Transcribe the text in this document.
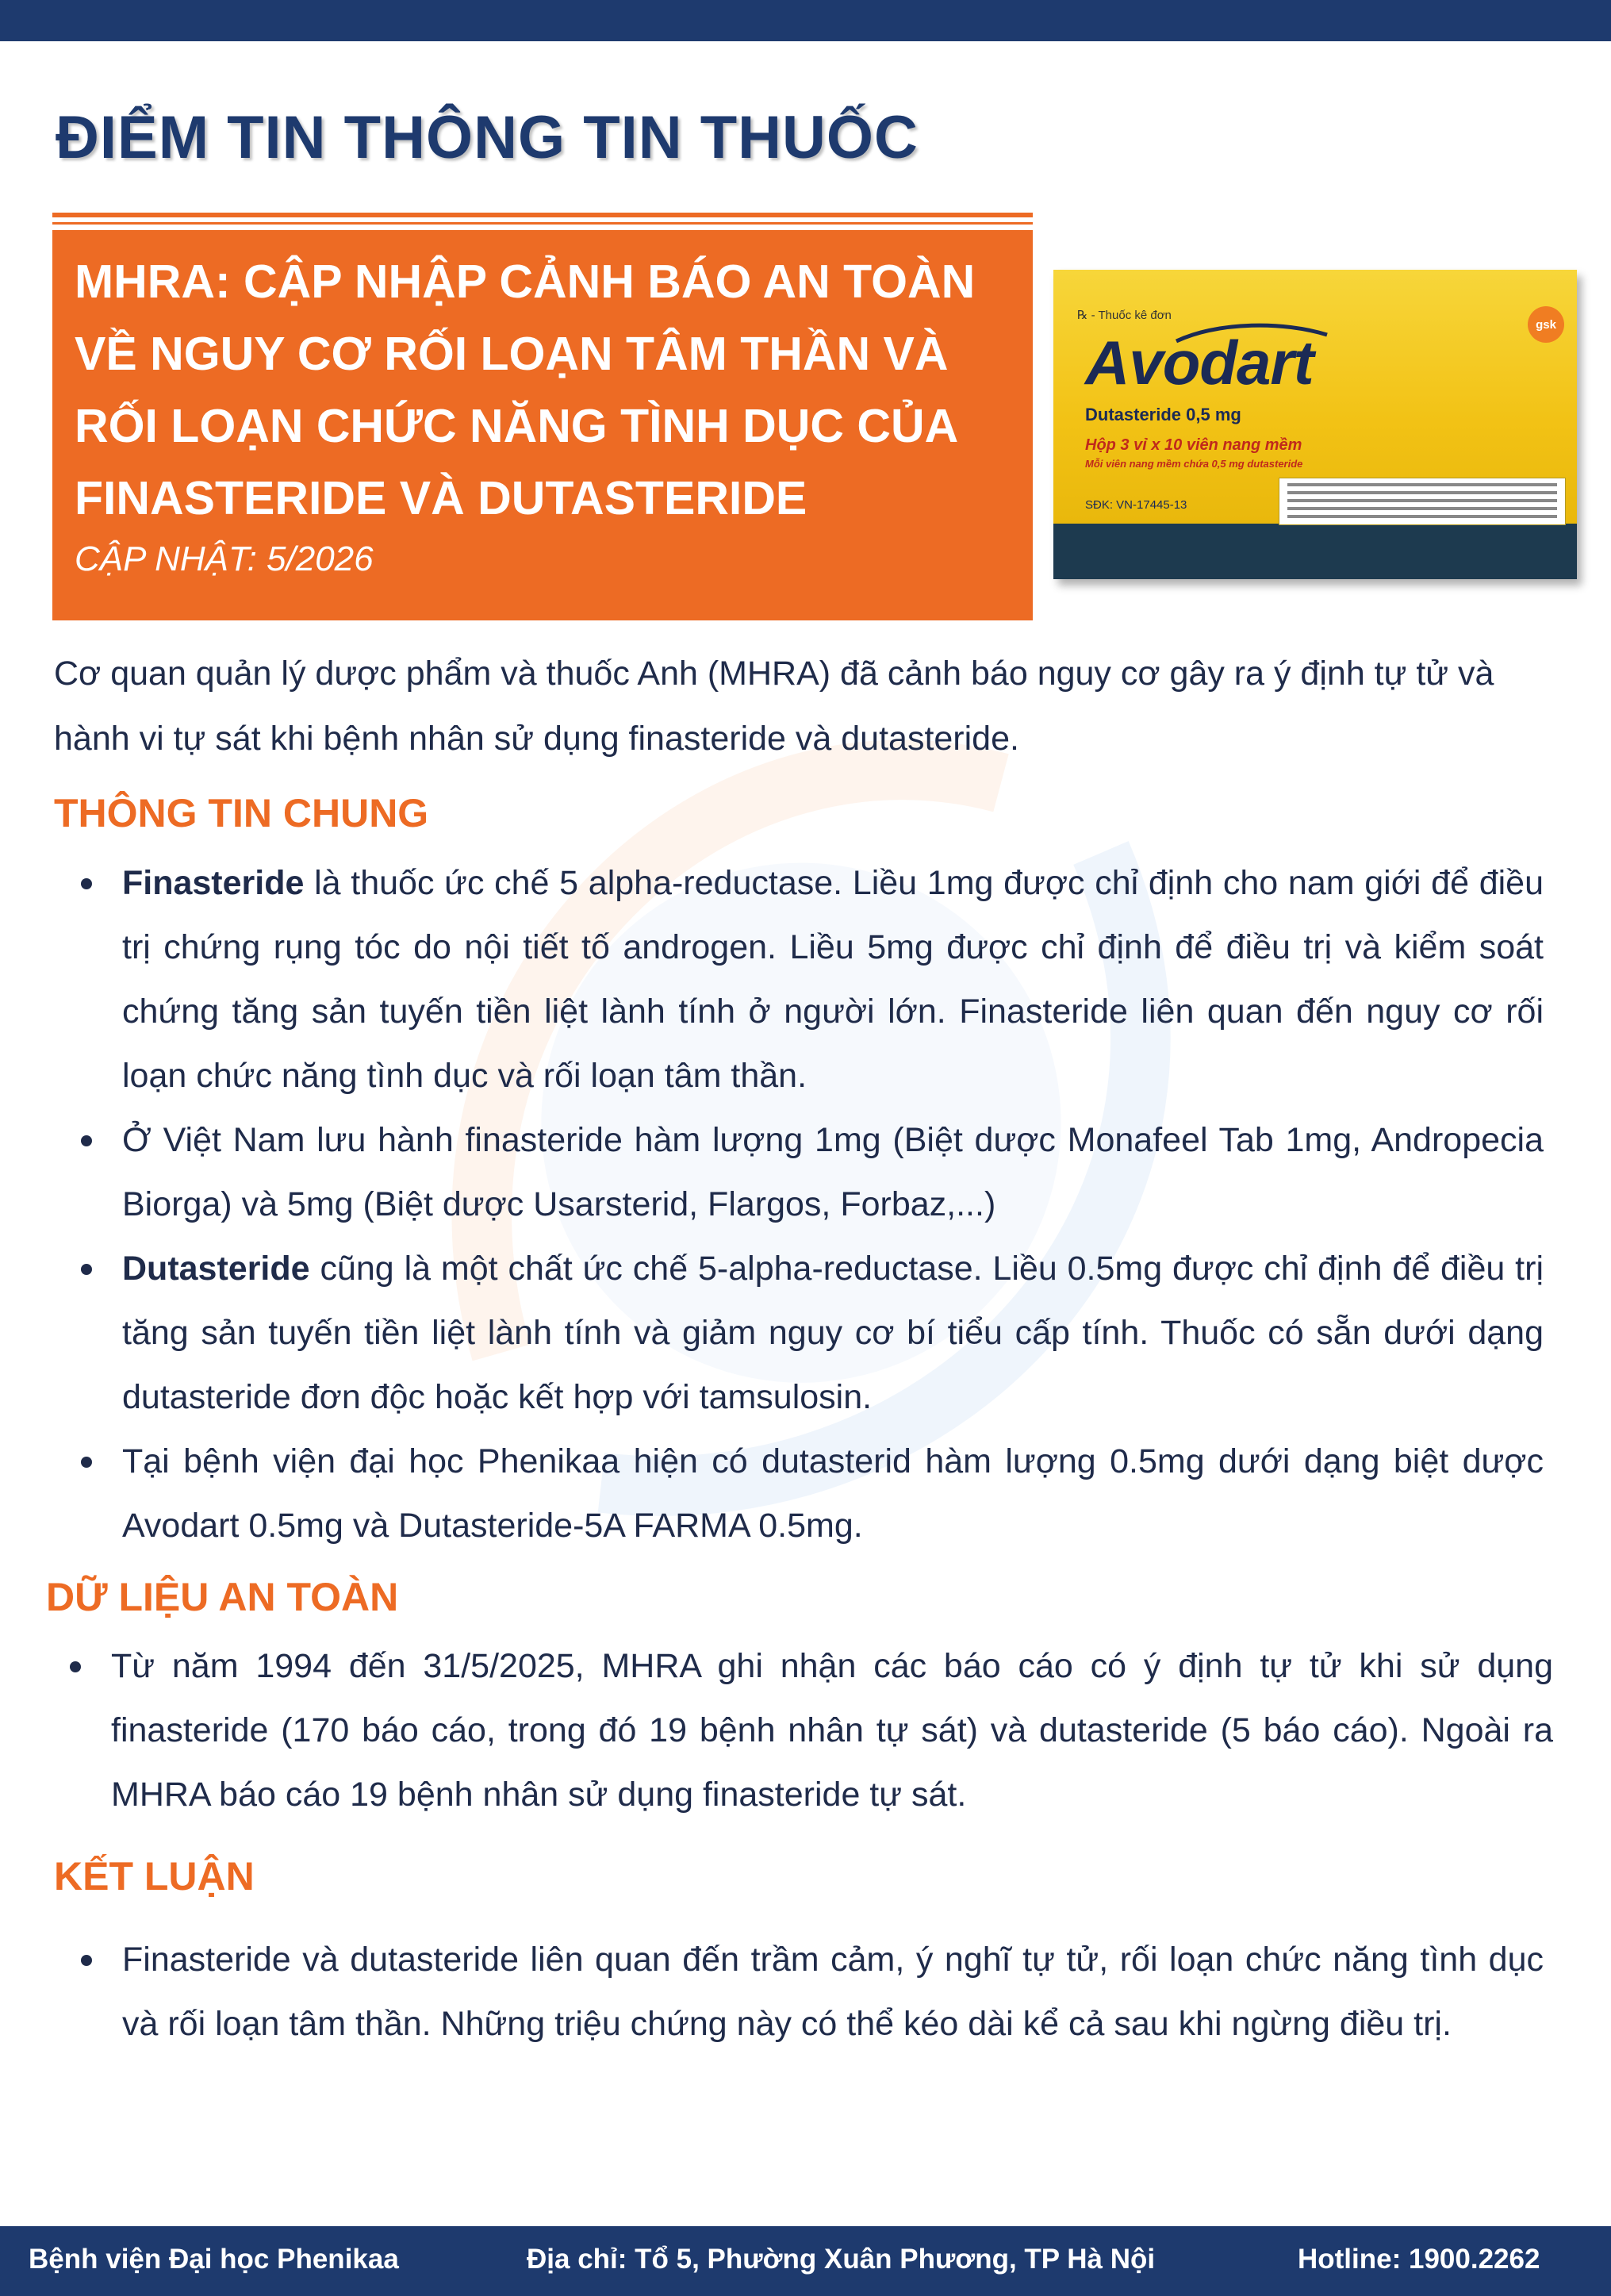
ĐIỂM TIN THÔNG TIN THUỐC

MHRA: CẬP NHẬP CẢNH BÁO AN TOÀN VỀ NGUY CƠ RỐI LOẠN TÂM THẦN VÀ RỐI LOẠN CHỨC NĂNG TÌNH DỤC CỦA FINASTERIDE VÀ DUTASTERIDE

CẬP NHẬT: 5/2026

℞ - Thuốc kê đơn
gsk
Avodart
Dutasteride 0,5 mg
Hộp 3 vỉ x 10 viên nang mềm
Mỗi viên nang mềm chứa 0,5 mg dutasteride
SĐK: VN-17445-13

Cơ quan quản lý dược phẩm và thuốc Anh (MHRA) đã cảnh báo nguy cơ gây ra ý định tự tử và hành vi tự sát khi bệnh nhân sử dụng finasteride và dutasteride.

THÔNG TIN CHUNG
Finasteride là thuốc ức chế 5 alpha-reductase. Liều 1mg được chỉ định cho nam giới để điều trị chứng rụng tóc do nội tiết tố androgen. Liều 5mg được chỉ định để điều trị và kiểm soát chứng tăng sản tuyến tiền liệt lành tính ở người lớn. Finasteride liên quan đến nguy cơ rối loạn chức năng tình dục và rối loạn tâm thần.
Ở Việt Nam lưu hành finasteride hàm lượng 1mg (Biệt dược Monafeel Tab 1mg, Andropecia Biorga) và 5mg (Biệt dược Usarsterid, Flargos, Forbaz,...)
Dutasteride cũng là một chất ức chế 5-alpha-reductase. Liều 0.5mg được chỉ định để điều trị tăng sản tuyến tiền liệt lành tính và giảm nguy cơ bí tiểu cấp tính. Thuốc có sẵn dưới dạng dutasteride đơn độc hoặc kết hợp với tamsulosin.
Tại bệnh viện đại học Phenikaa hiện có dutasterid hàm lượng 0.5mg dưới dạng biệt dược Avodart 0.5mg và Dutasteride-5A FARMA 0.5mg.
DỮ LIỆU AN TOÀN
Từ năm 1994 đến 31/5/2025, MHRA ghi nhận các báo cáo có ý định tự tử khi sử dụng finasteride (170 báo cáo, trong đó 19 bệnh nhân tự sát) và dutasteride (5 báo cáo). Ngoài ra MHRA báo cáo 19 bệnh nhân sử dụng finasteride tự sát.
KẾT LUẬN
Finasteride và dutasteride liên quan đến trầm cảm, ý nghĩ tự tử, rối loạn chức năng tình dục và rối loạn tâm thần. Những triệu chứng này có thể kéo dài kể cả sau khi ngừng điều trị.
Bệnh viện Đại học Phenikaa	Địa chỉ: Tổ 5, Phường Xuân Phương, TP Hà Nội	Hotline: 1900.2262
